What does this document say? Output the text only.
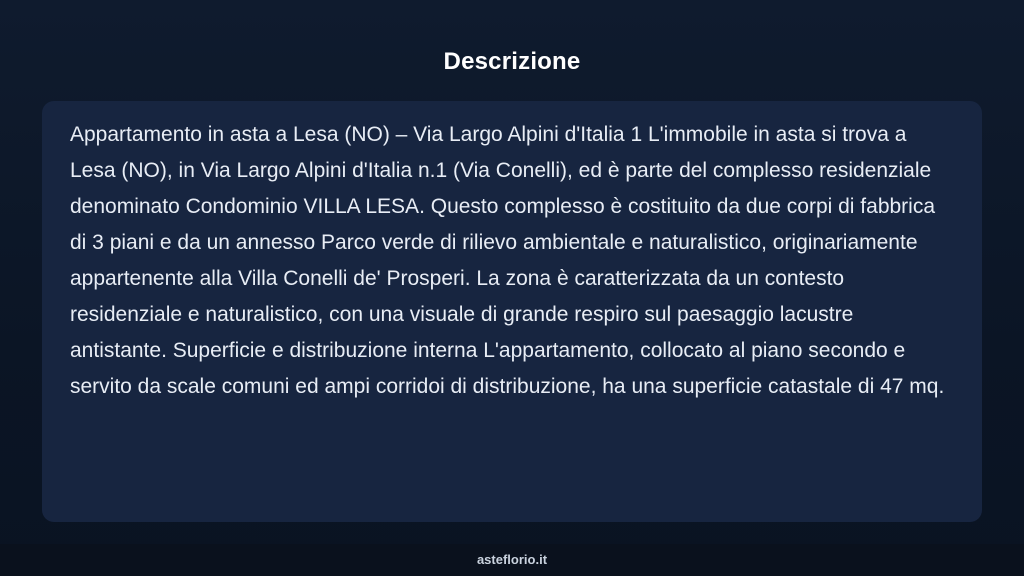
Descrizione

Appartamento in asta a Lesa (NO) – Via Largo Alpini d'Italia 1 L'immobile in asta si trova a Lesa (NO), in Via Largo Alpini d'Italia n.1 (Via Conelli), ed è parte del complesso residenziale denominato Condominio VILLA LESA. Questo complesso è costituito da due corpi di fabbrica di 3 piani e da un annesso Parco verde di rilievo ambientale e naturalistico, originariamente appartenente alla Villa Conelli de' Prosperi. La zona è caratterizzata da un contesto residenziale e naturalistico, con una visuale di grande respiro sul paesaggio lacustre antistante. Superficie e distribuzione interna L'appartamento, collocato al piano secondo e servito da scale comuni ed ampi corridoi di distribuzione, ha una superficie catastale di 47 mq.

asteflorio.it
